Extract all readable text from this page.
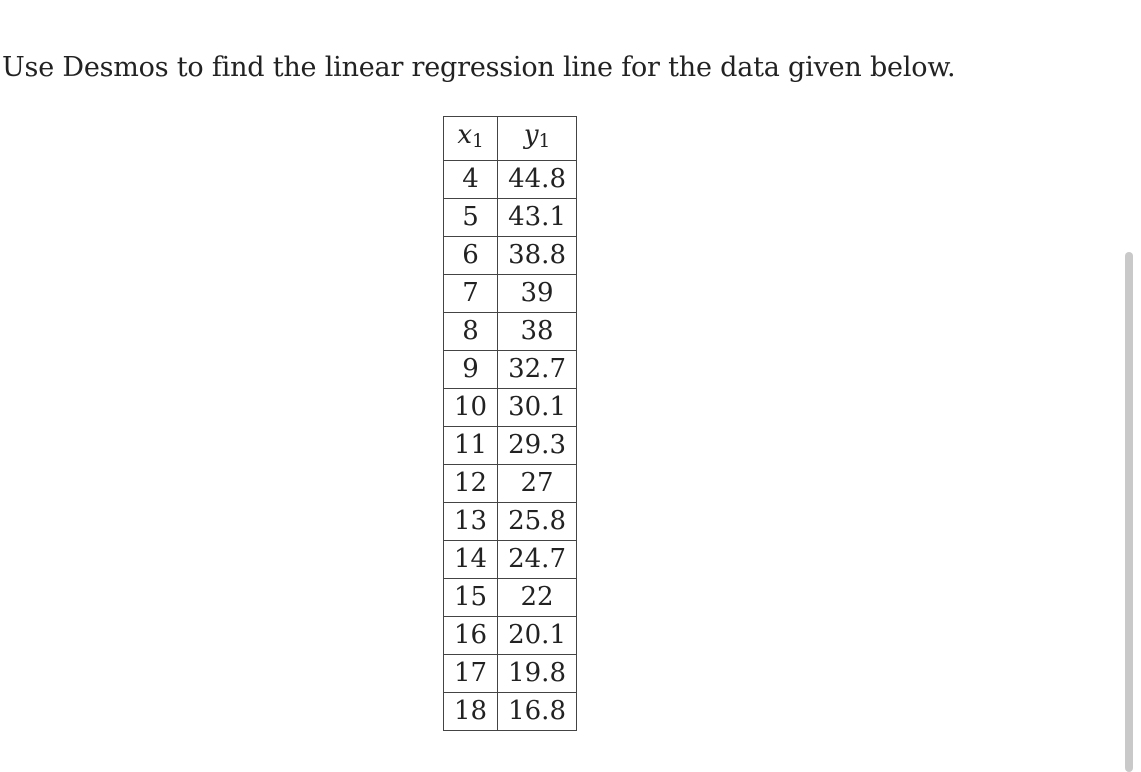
Use Desmos to find the linear regression line for the data given below.
x1	y1
4	44.8
5	43.1
6	38.8
7	39
8	38
9	32.7
10	30.1
11	29.3
12	27
13	25.8
14	24.7
15	22
16	20.1
17	19.8
18	16.8
